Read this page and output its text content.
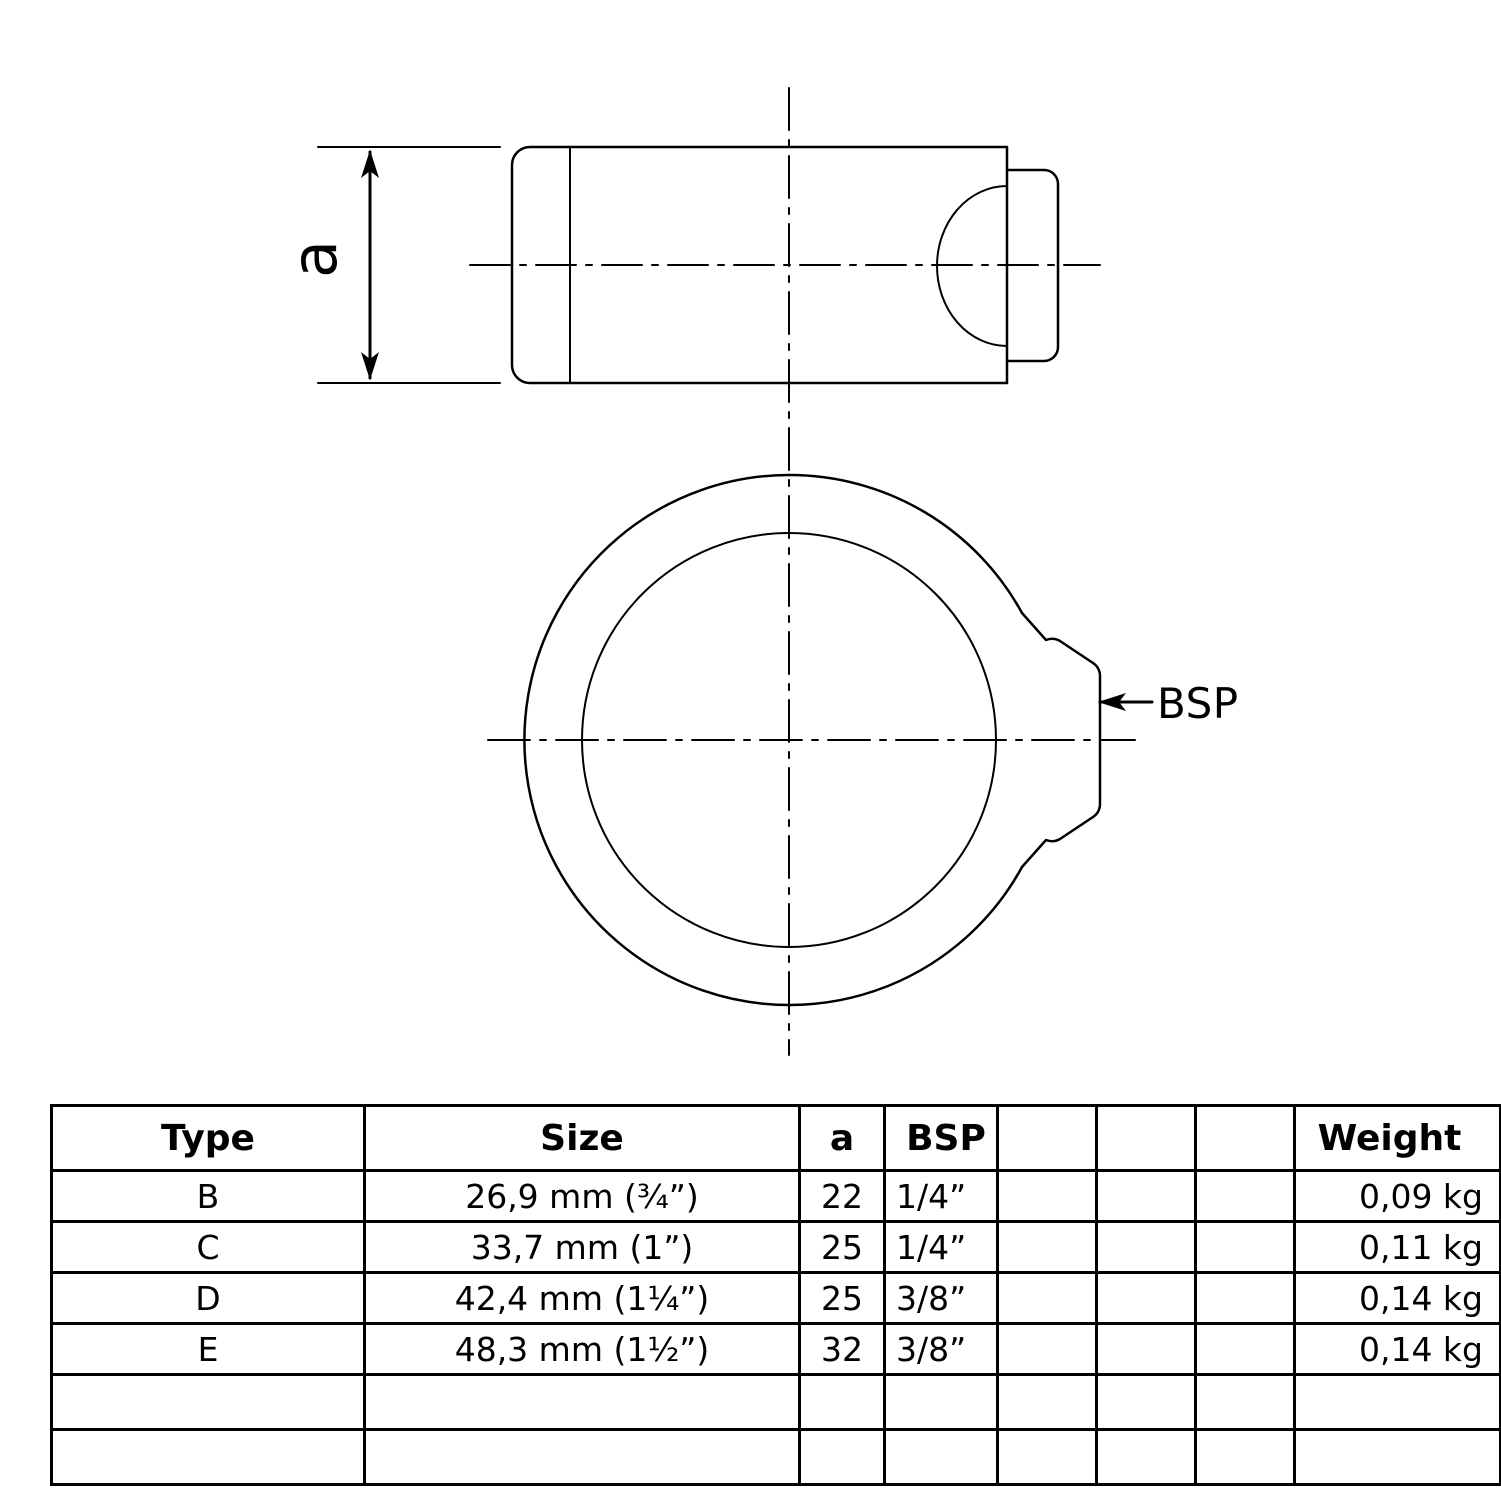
a
BSP
Type	Size	a	BSP				Weight
B	26,9 mm (¾”)	22	1/4”				0,09 kg
C	33,7 mm (1”)	25	1/4”				0,11 kg
D	42,4 mm (1¼”)	25	3/8”				0,14 kg
E	48,3 mm (1½”)	32	3/8”				0,14 kg
